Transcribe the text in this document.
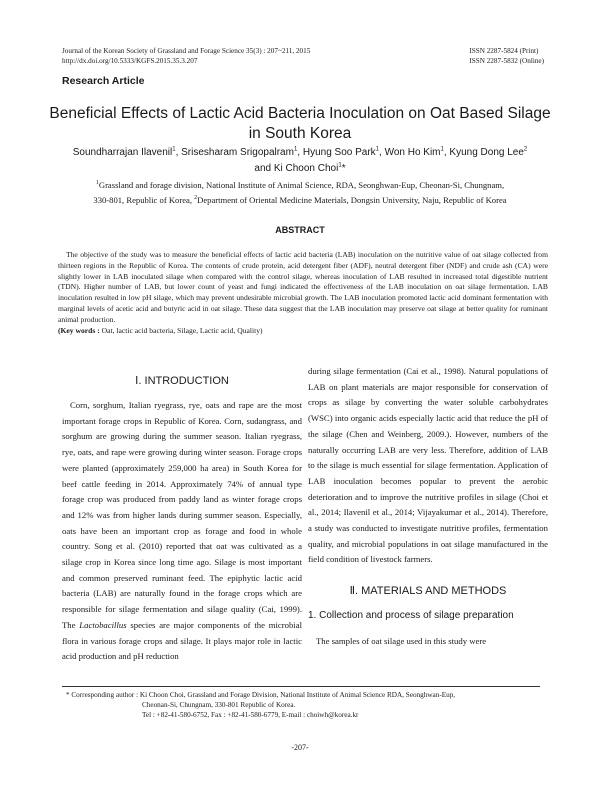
Journal of the Korean Society of Grassland and Forage Science 35(3) : 207~211, 2015
http://dx.doi.org/10.5333/KGFS.2015.35.3.207
ISSN 2287-5824 (Print)
ISSN 2287-5832 (Online)
Research Article
Beneficial Effects of Lactic Acid Bacteria Inoculation on Oat Based Silage
in South Korea
Soundharrajan Ilavenil$^1$, Srisesharam Srigopalram$^1$, Hyung Soo Park$^1$, Won Ho Kim$^1$, Kyung Dong Lee$^2$
and Ki Choon Choi$^1$*
$^1$Grassland and forage division, National Institute of Animal Science, RDA, Seonghwan-Eup, Cheonan-Si, Chungnam,
330-801, Republic of Korea, $^2$Department of Oriental Medicine Materials, Dongsin University, Naju, Republic of Korea
ABSTRACT

The objective of the study was to measure the beneficial effects of lactic acid bacteria (LAB) inoculation on the nutritive value of oat silage collected from thirteen regions in the Republic of Korea. The contents of crude protein, acid detergent fiber (ADF), neutral detergent fiber (NDF) and crude ash (CA) were slightly lower in LAB inoculated silage when compared with the control silage, whereas inoculation of LAB resulted in increased total digestible nutrient (TDN). Higher number of LAB, but lower count of yeast and fungi indicated the effectiveness of the LAB inoculation on oat silage fermentation. LAB inoculation resulted in low pH silage, which may prevent undesirable microbial growth. The LAB inoculation promoted lactic acid dominant fermentation with marginal levels of acetic acid and butyric acid in oat silage. These data suggest that the LAB inoculation may preserve oat silage at better quality for ruminant animal production.

(Key words : Oat, lactic acid bacteria, Silage, Lactic acid, Quality)
Ⅰ. INTRODUCTION

Corn, sorghum, Italian ryegrass, rye, oats and rape are the most important forage crops in Republic of Korea. Corn, sudangrass, and sorghum are growing during the summer season. Italian ryegrass, rye, oats, and rape were growing during winter season. Forage crops were planted (approximately 259,000 ha area) in South Korea for beef cattle feeding in 2014. Approximately 74% of annual type forage crop was produced from paddy land as winter forage crops and 12% was from higher lands during summer season. Especially, oats have been an important crop as forage and food in whole country. Song et al. (2010) reported that oat was cultivated as a silage crop in Korea since long time ago. Silage is most important and common preserved ruminant feed. The epiphytic lactic acid bacteria (LAB) are naturally found in the forage crops which are responsible for silage fermentation and silage quality (Cai, 1999). The Lactobacillus species are major components of the microbial flora in various forage crops and silage. It plays major role in lactic acid production and pH reduction

during silage fermentation (Cai et al., 1998). Natural populations of LAB on plant materials are major responsible for conservation of crops as silage by converting the water soluble carbohydrates (WSC) into organic acids especially lactic acid that reduce the pH of the silage (Chen and Weinberg, 2009.). However, numbers of the naturally occurring LAB are very less. Therefore, addition of LAB to the silage is much essential for silage fermentation. Application of LAB inoculation becomes popular to prevent the aerobic deterioration and to improve the nutritive profiles in silage (Choi et al., 2014; Ilavenil et al., 2014; Vijayakumar et al., 2014). Therefore, a study was conducted to investigate nutritive profiles, fermentation quality, and microbial populations in oat silage manufactured in the field condition of livestock farmers.

Ⅱ. MATERIALS AND METHODS
1. Collection and process of silage preparation

The samples of oat silage used in this study were

* Corresponding author : Ki Choon Choi, Grassland and Forage Division, National Institute of Animal Science RDA, Seonghwan-Eup,
Cheonan-Si, Chungnam, 330-801 Republic of Korea.
Tel : +82-41-580-6752, Fax : +82-41-580-6779, E-mail : choiwh@korea.kr
-207-
